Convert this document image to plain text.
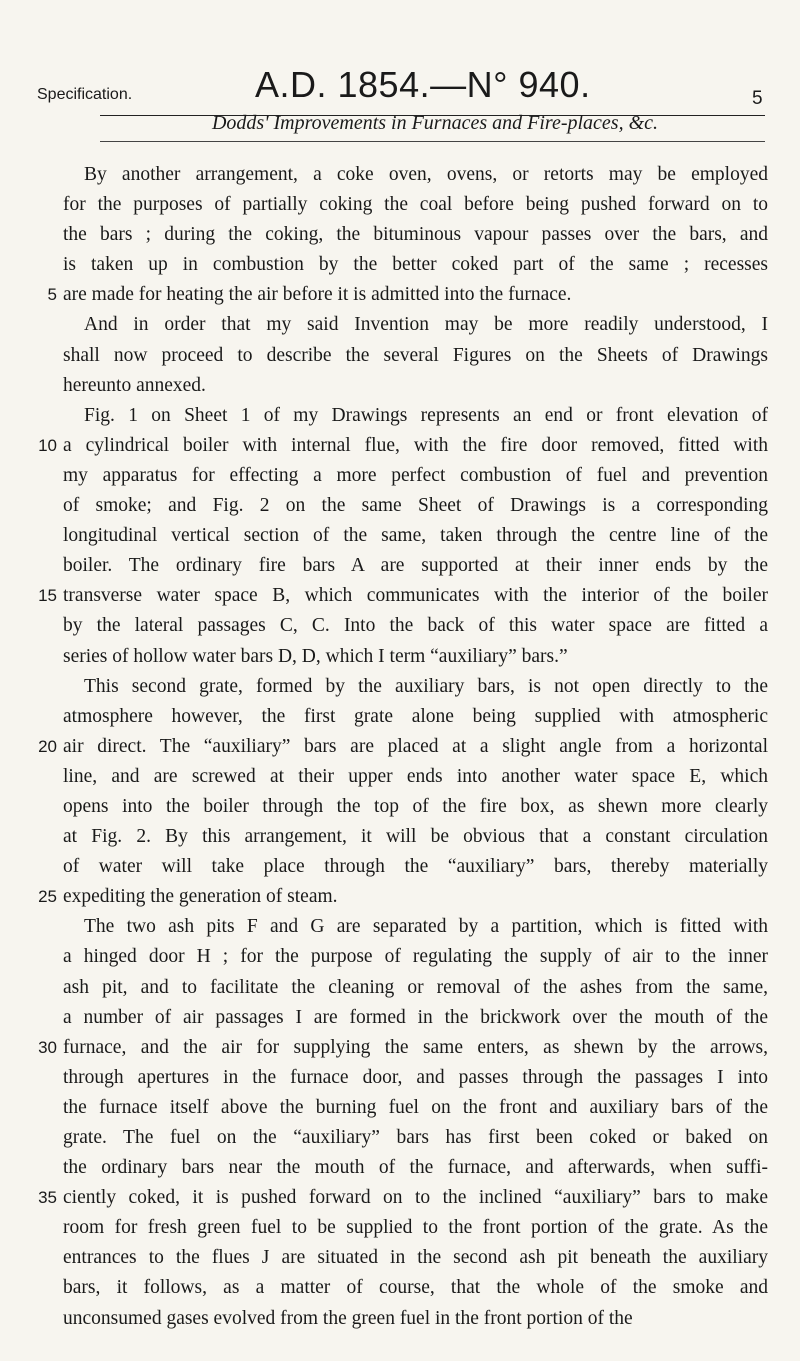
Specification.	A.D. 1854.—N° 940.	5
Dodds' Improvements in Furnaces and Fire-places, &c.
By another arrangement, a coke oven, ovens, or retorts may be employed
for the purposes of partially coking the coal before being pushed forward on to
the bars ; during the coking, the bituminous vapour passes over the bars, and
is taken up in combustion by the better coked part of the same ; recesses
5 are made for heating the air before it is admitted into the furnace.
And in order that my said Invention may be more readily understood, I
shall now proceed to describe the several Figures on the Sheets of Drawings
hereunto annexed.
Fig. 1 on Sheet 1 of my Drawings represents an end or front elevation of
10 a cylindrical boiler with internal flue, with the fire door removed, fitted with
my apparatus for effecting a more perfect combustion of fuel and prevention
of smoke; and Fig. 2 on the same Sheet of Drawings is a corresponding
longitudinal vertical section of the same, taken through the centre line of the
boiler. The ordinary fire bars A are supported at their inner ends by the
15 transverse water space B, which communicates with the interior of the boiler
by the lateral passages C, C. Into the back of this water space are fitted a
series of hollow water bars D, D, which I term “auxiliary” bars.”
This second grate, formed by the auxiliary bars, is not open directly to the
atmosphere however, the first grate alone being supplied with atmospheric
20 air direct. The “auxiliary” bars are placed at a slight angle from a horizontal
line, and are screwed at their upper ends into another water space E, which
opens into the boiler through the top of the fire box, as shewn more clearly
at Fig. 2. By this arrangement, it will be obvious that a constant circulation
of water will take place through the “auxiliary” bars, thereby materially
25 expediting the generation of steam.
The two ash pits F and G are separated by a partition, which is fitted with
a hinged door H ; for the purpose of regulating the supply of air to the inner
ash pit, and to facilitate the cleaning or removal of the ashes from the same,
a number of air passages I are formed in the brickwork over the mouth of the
30 furnace, and the air for supplying the same enters, as shewn by the arrows,
through apertures in the furnace door, and passes through the passages I into
the furnace itself above the burning fuel on the front and auxiliary bars of the
grate. The fuel on the “auxiliary” bars has first been coked or baked on
the ordinary bars near the mouth of the furnace, and afterwards, when suffi-
35 ciently coked, it is pushed forward on to the inclined “auxiliary” bars to make
room for fresh green fuel to be supplied to the front portion of the grate. As the
entrances to the flues J are situated in the second ash pit beneath the auxiliary
bars, it follows, as a matter of course, that the whole of the smoke and
unconsumed gases evolved from the green fuel in the front portion of the
